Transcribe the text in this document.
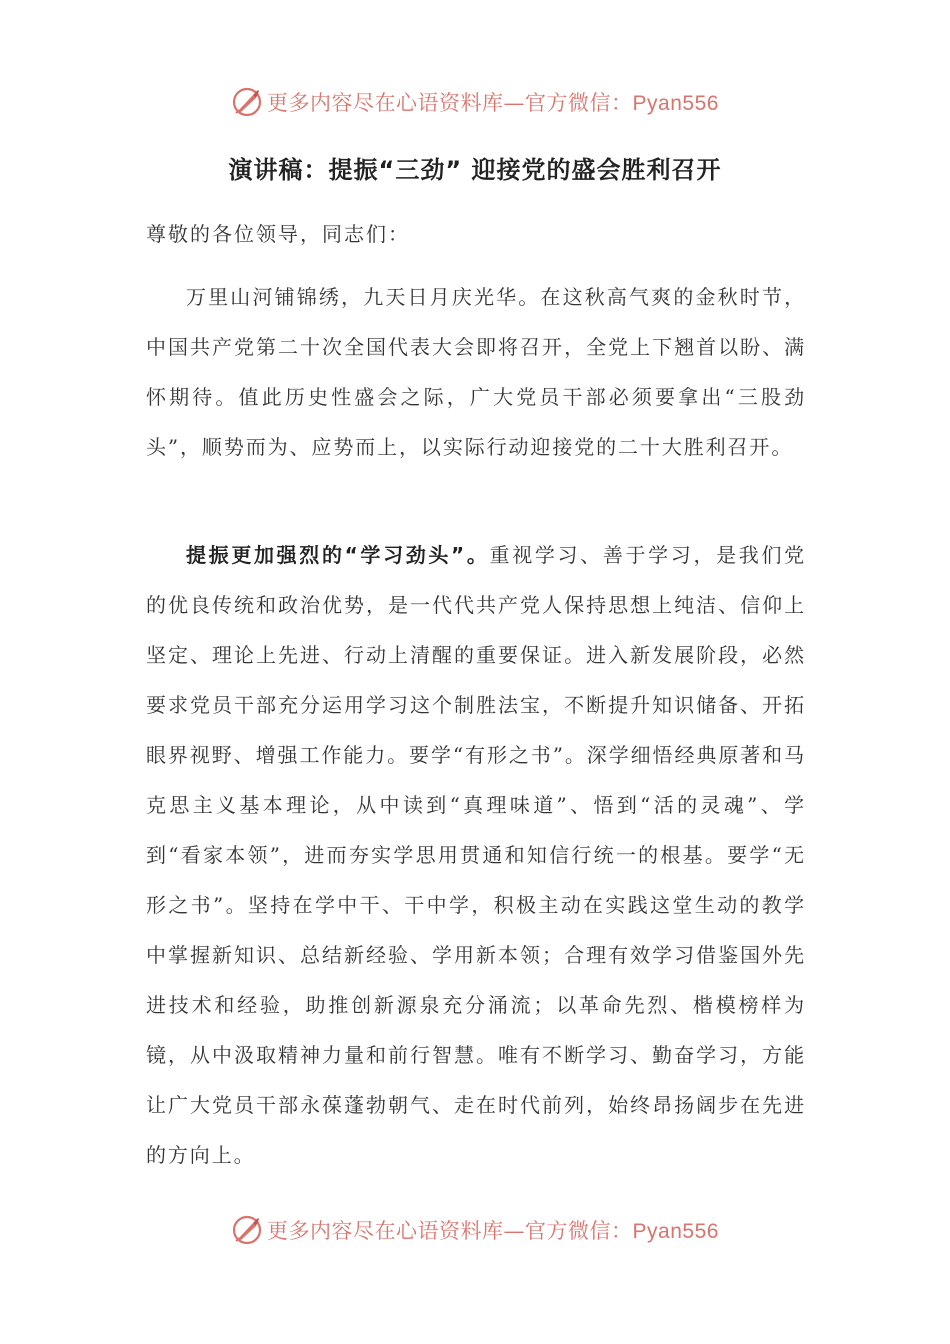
更多内容尽在心语资料库—官方微信：Pyan556
演讲稿：提振“三劲” 迎接党的盛会胜利召开
尊敬的各位领导，同志们：

万里山河铺锦绣，九天日月庆光华。在这秋高气爽的金秋时节，中国共产党第二十次全国代表大会即将召开，全党上下翘首以盼、满怀期待。值此历史性盛会之际，广大党员干部必须要拿出“三股劲头”，顺势而为、应势而上，以实际行动迎接党的二十大胜利召开。

提振更加强烈的“学习劲头”。重视学习、善于学习，是我们党的优良传统和政治优势，是一代代共产党人保持思想上纯洁、信仰上坚定、理论上先进、行动上清醒的重要保证。进入新发展阶段，必然要求党员干部充分运用学习这个制胜法宝，不断提升知识储备、开拓眼界视野、增强工作能力。要学“有形之书”。深学细悟经典原著和马克思主义基本理论，从中读到“真理味道”、悟到“活的灵魂”、学到“看家本领”，进而夯实学思用贯通和知信行统一的根基。要学“无形之书”。坚持在学中干、干中学，积极主动在实践这堂生动的教学中掌握新知识、总结新经验、学用新本领；合理有效学习借鉴国外先进技术和经验，助推创新源泉充分涌流；以革命先烈、楷模榜样为镜，从中汲取精神力量和前行智慧。唯有不断学习、勤奋学习，方能让广大党员干部永葆蓬勃朝气、走在时代前列，始终昂扬阔步在先进的方向上。

更多内容尽在心语资料库—官方微信：Pyan556
